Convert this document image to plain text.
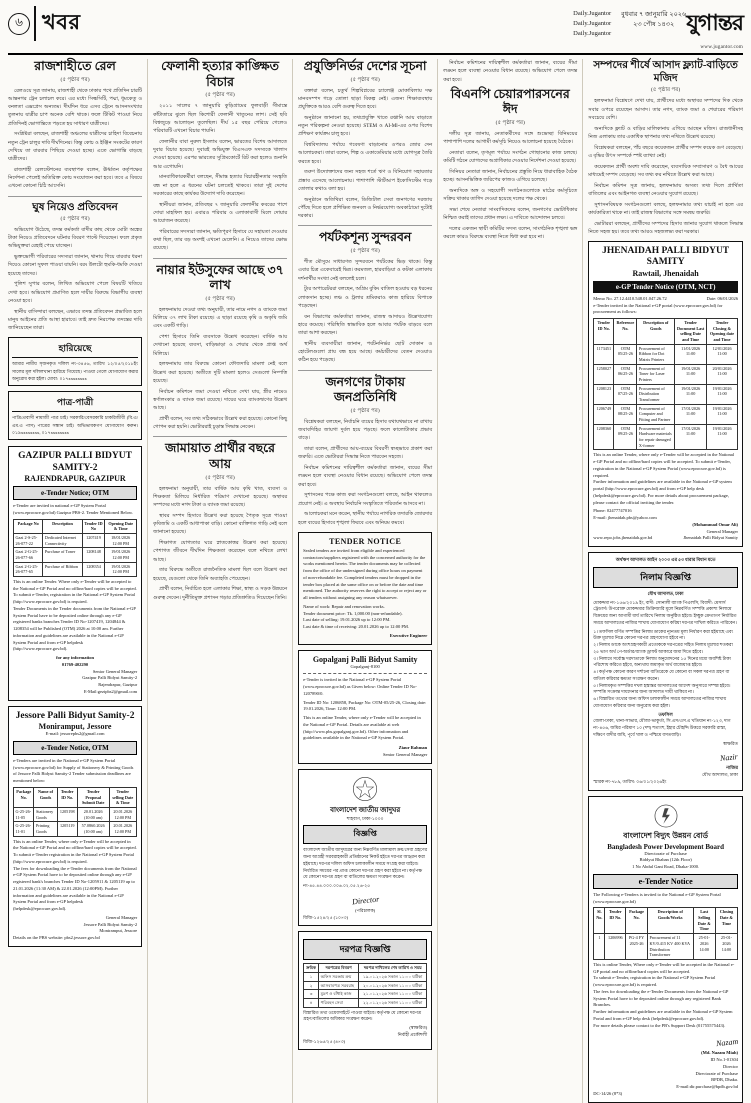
৬ খবর	Daily.Jugantor
Daily.Jugantor
Daily.Jugantor
বুধবার ৭ জানুয়ারি ২০২৬
২৩ পৌষ ১৪৩২ যুগান্তর
www.jugantor.com
রাজশাহীতে রেল
(৫ পৃষ্ঠার পর)

রেলওয়ে সূত্র জানায়, রাজশাহী থেকে ঢাকার পথে প্রতিদিন চারটি আন্তনগর ট্রেন চলাচল করে। এর মধ্যে সিল্কসিটি, পদ্মা, ধূমকেতু ও বনলতা এক্সপ্রেস অন্যতম। দীর্ঘদিন ধরে এসব ট্রেনে আসনসংখ্যার তুলনায় যাত্রীর চাপ অনেক বেশি থাকে। ফলে টিকিট পাওয়া নিয়ে প্রতিদিনই ভোগান্তিতে পড়তে হয় সাধারণ যাত্রীদের।

সংশ্লিষ্টরা বলছেন, রাজশাহী অঞ্চলের যাত্রীদের চাহিদা বিবেচনায় নতুন ট্রেন চালুর দাবি দীর্ঘদিনের। কিন্তু কোচ ও ইঞ্জিন সংকটের কারণ দেখিয়ে তা বারবার পিছিয়ে দেওয়া হচ্ছে। এতে ভোগান্তি বাড়ছে যাত্রীদের।

রাজশাহী রেলস্টেশনের ব্যবস্থাপক বলেন, ঊর্ধ্বতন কর্তৃপক্ষের নির্দেশনা পেলেই অতিরিক্ত কোচ সংযোজন করা হবে। তবে এ বিষয়ে এখনো কোনো চিঠি আসেনি।

ঘুষ নিয়েও প্রতিবেদন
(৫ পৃষ্ঠার পর)

অভিযোগ উঠেছে, তদন্ত কর্মকর্তা বাদীর কাছ থেকে মোটা অঙ্কের টাকা নিয়েও প্রতিবেদনে ঘটনার বিবরণ পাল্টে দিয়েছেন। ফলে প্রকৃত অভিযুক্তরা রেহাই পেয়ে যাচ্ছেন।

ভুক্তভোগী পরিবারের সদস্যরা জানান, থানায় গিয়ে বারবার ধরনা দিয়েও কোনো সুফল পাওয়া যায়নি। বরং উলটো হুমকি-ধমকি দেওয়া হয়েছে তাদের।

পুলিশ সুপার বলেন, লিখিত অভিযোগ পেলে বিষয়টি খতিয়ে দেখা হবে। অভিযোগ প্রমাণিত হলে দায়ীর বিরুদ্ধে বিভাগীয় ব্যবস্থা নেওয়া হবে।

স্থানীয় বাসিন্দারা বলছেন, এভাবে তদন্ত প্রতিবেদন প্রভাবিত হলে মানুষ আইনের প্রতি আস্থা হারাবে। তাই দ্রুত নিরপেক্ষ তদন্তের দাবি জানিয়েছেন তারা।

হারিয়েছে
আমার নামীয় সৃজনকৃত দলিল নং-৩৪৫৬, তারিখ ১২/০৫/২০১৮ইং সালের মূল দলিলখানা হারিয়ে গিয়েছে। পাওয়া গেলে যোগাযোগ করার অনুরোধ করা হইল। মোবা: ০১৭xxxxxxxx
পাত্র-পাত্রী
পাত্রি/প্রবাসী নামাজী পাত্র চাই। সরকারি/বেসরকারি চাকরিজীবী (বি.এ/এম.এ পাস) পাত্রের সন্ধান চাই। অভিভাবকগণ যোগাযোগ করুন। ০১৯xxxxxxxx, ০১৭xxxxxxxx
GAZIPUR PALLI BIDYUT SAMITY-2
RAJENDRAPUR, GAZIPUR
e-Tender Notice; OTM
e-Tender are invited in national e-GP System Portal (www.eprocure.gov.bd) Gazipur PBS-2. Tender Mentioned Below.
Package No	Description	Tender ID No	Opening Date & Time
Gazi 2-S-25-26-077-22	Dedicated Internet Connectivity	1207419	18/01/2026 12:00 PM
Gazi 2-G-25-26-077-66	Purchase of Toner	1208148	19/01/2026 12:00 PM
Gazi 2-G-25-26-077-65	Purchase of Ribbon	1208354	19/01/2026 12:00 PM
This is an online Tender. Where only e-Tender will be accepted to the National e-GP Portal and no offline/hard copies will be accepted. To submit e-Tender, registration in the National e-GP System Portal (http://www.eprocure.gov.bd) is required.
Tender Documents in the Tender documents from the National e-GP System Portal have to be deposited online through any e-GP registered banks branches Tender ID No-1207419, 1204844 & 1208354 will be Published (OTM) 2026 at 10:00 am. Further information and guidelines are available in the National e-GP System Portal and from e-GP helpdesk (http://www.eprocure.gov.bd).
for any information
01769-402290
Senior General Manager
Gazipur Palli Bidyut Samity-2
Rajendrapur, Gazipur
E-Mail:gezipbs2@gmail.com
Jessore Palli Bidyut Samity-2
Moniramput, Jessore
E-mail: jessorepbs2@gmail.com
e-Tender Notice, OTM
e-Tenders are invited in the National e-GP System Portal (www.eprocure.gov.bd) for Supply of Stationery & Printing Goods of Jessore Palli Bidyut Samity-2 Tender submission deadlines are mentioned below:
Package No.	Name of Goods	Tender ID No.	Tender Proposal Submit Date	Tender selling Date & Time
G-25-26-11-05	Stationery Goods	1205198	20.01.2026 (10:00 am)	20.01.2026 12:00 PM
G-25-26-11-01	Printing Goods	1205119	57.0860.2026 (10:00 am)	20.01.2026 12:00 PM
This is an online Tender, where only e-Tender will be accepted in the National e-GP Portal and no offline/hard copies will be accepted. To submit e-Tender registration in the National e-GP System Portal (http://www.eprocure.gov.bd) is required.
The fees for downloading the e-Tender documents from the National e-GP System Portal have to be deposited online through any e-GP registered bank's branches Tender ID No-1205911 & 1205119 up to 21.01.2026 (11:30 AM) & 22.01.2026 (12:00PM). Further information and guidelines are available in the National e-GP System Portal and from e-GP helpdesk (helpdesk@eprocure.gov.bd).
General Manager
Jessore Palli Bidyut Samity-2
Moniramput, Jessore
Details on the PBS website: pbs2.jessore.gov.bd
ফেলানী হত্যার কাঙ্ক্ষিত বিচার
(৫ পৃষ্ঠার পর)

২০১১ সালের ৭ জানুয়ারি কুড়িগ্রামের ফুলবাড়ী সীমান্তে কাঁটাতারে ঝুলে ছিল কিশোরী ফেলানী খাতুনের লাশ। সেই ছবি বিশ্বজুড়ে আলোড়ন তুলেছিল। দীর্ঘ ১৫ বছর পেরিয়ে গেলেও পরিবারটি এখনো বিচার পায়নি।

ফেলানীর বাবা নুরুল ইসলাম বলেন, ভারতের বিশেষ আদালতে দুবার বিচার হয়েছে। দুবারই অভিযুক্ত বিএসএফ সদস্যকে খালাস দেওয়া হয়েছে। এরপর ভারতের সুপ্রিমকোর্টে রিট করা হলেও শুনানি আর এগোয়নি।

মানবাধিকারকর্মীরা বলছেন, সীমান্ত হত্যার বিচারহীনতার সংস্কৃতি বন্ধ না হলে এ ধরনের ঘটনা চলতেই থাকবে। তারা দুই দেশের সরকারের কাছে কার্যকর উদ্যোগ দাবি করেছেন।

স্থানীয়রা জানান, প্রতিবছর ৭ জানুয়ারি ফেলানীর কবরের পাশে দোয়া মাহফিল হয়। এবারও পরিবার ও এলাকাবাসী মিলে দোয়ার আয়োজন করেছে।

পরিবারের সদস্যরা জানান, ক্ষতিপূরণ হিসাবে যে সহায়তা দেওয়ার কথা ছিল, তার বড় অংশই এখনো মেলেনি। এ নিয়েও তাদের ক্ষোভ রয়েছে।

নায়ার ইউসুফের আছে ৩৭ লাখ
(৫ পৃষ্ঠার পর)

হলফনামায় দেওয়া তথ্য অনুযায়ী, তার নামে নগদ ও ব্যাংকে জমা মিলিয়ে ৩৭ লাখ টাকা রয়েছে। এ ছাড়া রয়েছে কৃষি ও অকৃষি জমি এবং একটি গাড়ি।

পেশা হিসাবে তিনি ব্যবসাকে উল্লেখ করেছেন। বার্ষিক আয় দেখানো হয়েছে ব্যবসা, বাড়িভাড়া ও শেয়ার থেকে প্রাপ্ত অর্থ মিলিয়ে।

হলফনামায় তার বিরুদ্ধে কোনো ফৌজদারি মামলা নেই বলে উল্লেখ করা হয়েছে। অতীতে দুটি মামলা হলেও সেগুলো নিষ্পত্তি হয়েছে।

নির্বাচন কমিশনে জমা দেওয়া নথিতে দেখা যায়, স্ত্রীর নামেও স্বর্ণালংকার ও ব্যাংক জমা রয়েছে। দায়ের ঘরে ব্যাংকঋণের উল্লেখ আছে।

প্রার্থী বলেন, সব তথ্য সঠিকভাবে উল্লেখ করা হয়েছে। কোনো কিছু গোপন করা হয়নি। ভোটাররাই চূড়ান্ত সিদ্ধান্ত নেবেন।

জামায়াত প্রার্থীর বছরে আয়
(৫ পৃষ্ঠার পর)

হলফনামা অনুযায়ী, তার বার্ষিক আয় কৃষি খাত, ব্যবসা ও শিক্ষকতা মিলিয়ে নির্ধারিত পরিমাণ দেখানো হয়েছে। অস্থাবর সম্পদের মধ্যে নগদ টাকা ও ব্যাংক জমা রয়েছে।

স্থাবর সম্পদ হিসাবে উল্লেখ করা হয়েছে পৈতৃক সূত্রে পাওয়া কৃষিজমি ও একটি আধাপাকা বাড়ি। কোনো ব্যক্তিগত গাড়ি নেই বলে জানানো হয়েছে।

শিক্ষাগত যোগ্যতার ঘরে স্নাতকোত্তর উল্লেখ করা হয়েছে। পেশাগত জীবনে দীর্ঘদিন শিক্ষকতা করেছেন বলে নথিতে লেখা আছে।

তার বিরুদ্ধে অতীতে রাজনৈতিক মামলা ছিল বলে উল্লেখ করা হয়েছে, যেগুলো থেকে তিনি অব্যাহতি পেয়েছেন।

প্রার্থী বলেন, নির্বাচিত হলে এলাকার শিক্ষা, স্বাস্থ্য ও সড়ক উন্নয়নে গুরুত্ব দেবেন। দুর্নীতিমুক্ত প্রশাসন গড়ার প্রতিশ্রুতিও দিয়েছেন তিনি।

প্রযুক্তিনির্ভর দেশের সূচনা
(৫ পৃষ্ঠার পর)

বক্তারা বলেন, চতুর্থ শিল্পবিপ্লবের চ্যালেঞ্জ মোকাবিলায় দক্ষ মানবসম্পদ গড়ে তোলা ছাড়া বিকল্প নেই। এজন্য শিক্ষাব্যবস্থায় প্রযুক্তিকে আরও বেশি গুরুত্ব দিতে হবে।

অনুষ্ঠানে জানানো হয়, তথ্যপ্রযুক্তি খাতে রপ্তানি আয় বাড়াতে নতুন পরিকল্পনা নেওয়া হয়েছে। STEM ও AI-Ml-এর ওপর বিশেষ প্রশিক্ষণ কার্যক্রম চালু হবে।

বিশ্ববিদ্যালয় পর্যায়ে গবেষণা বাড়ানোর ওপরও জোর দেন আলোচকরা। তারা বলেন, শিল্প ও একাডেমিয়ার মধ্যে যোগসূত্র তৈরি করতে হবে।

তরুণ উদ্যোক্তাদের জন্য সহজ শর্তে ঋণ ও বিনিয়োগ সহায়তার প্রস্তাব এসেছে আলোচনায়। পাশাপাশি স্টার্টআপ ইকোসিস্টেম গড়ে তোলার কথাও বলা হয়।

অনুষ্ঠানে অতিথিরা বলেন, ডিজিটাল সেবা জনগণের দরজায় পৌঁছে দিতে হলে প্রশিক্ষিত জনবল ও নির্ভরযোগ্য অবকাঠামো দুটোই দরকার।

পর্যটকশূন্য সুন্দরবন
(৫ পৃষ্ঠার পর)

শীত মৌসুমে সাধারণত সুন্দরবনে পর্যটকের ভিড় থাকে। কিন্তু এবার চিত্র একেবারেই ভিন্ন। করমজল, হারবাড়িয়া ও কটকা এলাকায় দর্শনার্থীর সংখ্যা নেই বললেই চলে।

ট্যুর অপারেটররা বলছেন, অগ্রিম বুকিং বাতিল হওয়ায় বড় ধরনের লোকসান হচ্ছে। লঞ্চ ও ট্রলার শ্রমিকরাও কাজ হারিয়ে বিপাকে পড়েছেন।

বন বিভাগের কর্মকর্তারা জানান, রাজস্ব আদায়ও উল্লেখযোগ্য হারে কমেছে। পরিস্থিতি স্বাভাবিক হলে আবার পর্যটক বাড়বে বলে তারা আশা করছেন।

স্থানীয় ব্যবসায়ীরা জানান, পর্যটননির্ভর ছোট দোকান ও হোটেলগুলো প্রায় বন্ধ হয়ে আছে। কর্মচারীদের বেতন দেওয়াও কঠিন হয়ে পড়েছে।

জনগণের টাকায় জনপ্রতিনিধি
(৫ পৃষ্ঠার পর)

বিশ্লেষকরা বলছেন, নির্বাচনি ব্যয়ের হিসাব যথাযথভাবে না রাখায় জবাবদিহির জায়গা দুর্বল হয়ে পড়ছে। ফলে কালোটাকার প্রভাব বাড়ে।

তারা বলেন, প্রার্থীদের আয়-ব্যয়ের বিবরণী স্বচ্ছভাবে প্রকাশ করা জরুরি। এতে ভোটাররা সিদ্ধান্ত নিতে পারবেন সহজে।

নির্বাচন কমিশনের দায়িত্বশীল কর্মকর্তারা জানান, ব্যয়ের সীমা লঙ্ঘন হলে ব্যবস্থা নেওয়ার বিধান রয়েছে। অভিযোগ পেলে তদন্ত করা হবে।

সুশাসনের পক্ষে কাজ করা সংগঠনগুলো বলছে, আইন থাকলেও প্রয়োগ নেই। এ অবস্থায় নির্বাচনি সংস্কৃতিতে পরিবর্তন আসবে না।

আলোচকরা মনে করেন, স্থানীয় পর্যায়ে নাগরিক তদারকি জোরদার হলে ব্যয়ের হিসাবে শৃঙ্খলা ফিরবে এবং অনিয়ম কমবে।

TENDER NOTICE
Sealed tenders are invited from eligible and experienced contractors/suppliers registered with the concerned authority for the works mentioned herein. The tender documents may be collected from the office of the undersigned during office hours on payment of non-refundable fee. Completed tenders must be dropped in the tender box placed at the same office on or before the date and time mentioned. The authority reserves the right to accept or reject any or all tenders without assigning any reason whatsoever.
Name of work: Repair and renovation works.
Tender document price: Tk. 1,000.00 (non-refundable).
Last date of selling: 19.01.2026 up to 12:00 PM.
Last date & time of receiving: 20.01.2026 up to 12:00 PM.
Executive Engineer
Gopalganj Palli Bidyut Samity
Gopalganj-8100
e-Tender is invited in the National e-GP System Portal (www.eprocure.gov.bd) as Given below: Online Tender ID No-1207890/0.
Tender ID No: 1206858, Package No: OTM-05/25-26, Closing date: 19.01.2026, Time: 12:00 PM.
This is an online Tender, where only e-Tender will be accepted in the National e-GP Portal. Details are available at web (http://www.pbs.gopalganj.gov.bd). Other information and guidelines available in the National e-GP System Portal.
Ziaur Rahman
Senior General Manager
বাংলাদেশ জাতীয় জাদুঘর
শাহবাগ, ঢাকা-১০০০
বিজ্ঞপ্তি
বাংলাদেশ জাতীয় জাদুঘরের জন্য নিম্নবর্ণিত মালামাল ক্রয়/সেবা গ্রহণের জন্য আগ্রহী সরবরাহকারী প্রতিষ্ঠানের নিকট হইতে দরপত্র আহ্বান করা হইয়াছে। দরপত্র দলিল অফিস চলাকালীন সময়ে সংগ্রহ করা যাইবে। নির্ধারিত সময়ের পর প্রাপ্ত কোনো দরপত্র গ্রহণ করা হইবে না। কর্তৃপক্ষ যে কোনো দরপত্র গ্রহণ বা বাতিলের ক্ষমতা সংরক্ষণ করেন।
নং-৪৫.৪৪.০০০.০০৬.০২.০৫.২৬-২৫
Director
(পরিচালক)
বিজি-১৫২৪/২৫ (১০×৩)
দরপত্র বিজ্ঞপ্তি
ক্রমিক	দরপত্রের বিবরণ	দরপত্র দাখিলের শেষ তারিখ ও সময়
১	অফিস সরঞ্জাম ক্রয়	১৯.০১.২০২৬ সকাল ১১:০০ ঘটিকা
২	আসবাবপত্র সরবরাহ	২০.০১.২০২৬ সকাল ১১:০০ ঘটিকা
৩	মুদ্রণ ও বাঁধাই কাজ	২১.০১.২০২৬ সকাল ১১:০০ ঘটিকা
৪	পরিবহন সেবা	২২.০১.২০২৬ সকাল ১১:০০ ঘটিকা
বিস্তারিত তথ্য ওয়েবসাইটে পাওয়া যাইবে। কর্তৃপক্ষ যে কোনো দরপত্র গ্রহণ/বাতিলের অধিকার সংরক্ষণ করেন।
(স্বাক্ষরিত)
নির্বাহী প্রকৌশলী
বিজি-১২৬৫/২৫ (৪×৩)

নির্বাচন কমিশনের দায়িত্বশীল কর্মকর্তারা জানান, ব্যয়ের সীমা লঙ্ঘন হলে ব্যবস্থা নেওয়ার বিধান রয়েছে। অভিযোগ পেলে তদন্ত করা হবে।

বিএনপি চেয়ারপারসনের ঈদ
(৫ পৃষ্ঠার পর)

দলীয় সূত্র জানায়, নেতাকর্মীদের সঙ্গে শুভেচ্ছা বিনিময়ের পাশাপাশি দলের আগামী কর্মসূচি নিয়েও আলোচনা হয়েছে বৈঠকে।

নেতারা বলেন, তৃণমূল পর্যায়ে সংগঠন গোছানোর কাজ চলছে। কমিটি গঠনে যোগ্যদের অগ্রাধিকার দেওয়ার নির্দেশনা দেওয়া হয়েছে।

সিনিয়র নেতারা জানান, নির্বাচনের প্রস্তুতি নিয়ে ধারাবাহিক বৈঠক হচ্ছে। আসনভিত্তিক জরিপের কাজও এগিয়ে চলেছে।

অন্যদিকে অঙ্গ ও সহযোগী সংগঠনগুলোকে মাঠের কর্মসূচিতে সক্রিয় থাকার তাগিদ দেওয়া হয়েছে দলের পক্ষ থেকে।

সভা শেষে নেতারা সাংবাদিকদের বলেন, জনগণের ভোটাধিকার নিশ্চিত করাই তাদের প্রধান লক্ষ্য। এ দাবিতে আন্দোলন চলবে।

দলের একজন স্থায়ী কমিটির সদস্য বলেন, সাংগঠনিক শৃঙ্খলা ভঙ্গ করলে কারও বিরুদ্ধে ব্যবস্থা নিতে দ্বিধা করা হবে না।

সম্পদের শীর্ষে আসাদ ফ্ল্যাট-বাড়িতে মজিদ
(৫ পৃষ্ঠার পর)

হলফনামা বিশ্লেষণে দেখা যায়, প্রার্থীদের মধ্যে অস্থাবর সম্পদের দিক থেকে সবার ওপরে রয়েছেন আসাদ। তার নগদ, ব্যাংক জমা ও শেয়ারের পরিমাণ সবচেয়ে বেশি।

অন্যদিকে ফ্ল্যাট ও বাড়ির মালিকানায় এগিয়ে আছেন মজিদ। রাজধানীসহ নিজ এলাকায় তার একাধিক স্থাপনার তথ্য নথিতে উল্লেখ রয়েছে।

বিশ্লেষকরা বলছেন, পাঁচ বছরে কয়েকজন প্রার্থীর সম্পদ কয়েক গুণ বেড়েছে। এ বৃদ্ধির উৎস সম্পর্কে স্পষ্ট ব্যাখ্যা নেই।

কয়েকজন প্রার্থী অবশ্য দাবি করেছেন, ব্যবসায়িক সম্প্রসারণ ও বৈধ আয়ের মাধ্যমেই সম্পদ বেড়েছে। সব তথ্য কর নথিতে উল্লেখ করা আছে।

নির্বাচন কমিশন সূত্র জানায়, হলফনামায় অসত্য তথ্য দিলে প্রার্থিতা বাতিলের এবং আইনগত ব্যবস্থা নেওয়ার সুযোগ রয়েছে।

সুশাসনবিষয়ক সংগঠনগুলো বলছে, হলফনামার তথ্য যাচাই না হলে এর কার্যকারিতা থাকে না। তাই রাজস্ব বিভাগের সঙ্গে সমন্বয় জরুরি।

ভোটাররা বলছেন, প্রার্থীদের সম্পদের হিসাব জানার সুযোগ থাকলে সিদ্ধান্ত নিতে সহজ হয়। তবে তথ্য আরও সহজলভ্য করা দরকার।

JHENAIDAH PALLI BIDYUT SAMITY
Rawtail, Jhenaidah
e-GP Tender Notice (OTM, NCT)
Memo No. 27.12.4410.548.01.047.26.72	Date: 06/01/2026
e-Tender invited in the National e-GP portal (www.eprocure.gov.bd) for procurement as follows:
Tender ID No.	Reference No.	Description of Goods	Tender Document Last selling Date and Time	Tender Closing & Opening date and Time
1173451	OTM 05/25-26	Procurement of Ribbon for Dot Matrix Printers	11/01/2026 11:00	12/01/2026 11:00
1258027	OTM 06/25-26	Procurement of Toner for Laser Printers	19/01/2026 11:00	20/01/2026 11:00
1208123	OTM 07/25-26	Procurement of Distribution Transformer	19/01/2026 11:00	19/01/2026 11:00
1206749	OTM 08/25-26	Procurement of Computer and Fitting and Partner	17/01/2026 11:00	19/01/2026 11:00
1208360	OTM 09/25-26	Procurement of Hardware materials for repair damaged X-former	17/01/2026 11:00	19/01/2026 11:00
This is an online Tender, where only e-Tender will be accepted in the National e-GP Portal and no offline/hard copies will be accepted. To submit e-Tender, registration in the National e-GP System Portal (www.eprocure.gov.bd) is required.
Further information and guidelines are available in the National e-GP system portal (http://www.eprocure.gov.bd) and from e-GP help desk (helpdesk@eprocure.gov.bd). For more details about procurement package, please contact the official inviting the tender.
Phone: 02477747016
E-mail: jhenaidah.pbs@yahoo.com
www.repo.jobs.jhenaidah.gov.bd
(Mohammad Omar Ali)
General Manager
Jhenaidah Palli Bidyut Samity
অর্থঋণ আদালত আইন ২০০৩ এর ৫৩ ধারার বিধান মতে
নিলাম বিজ্ঞপ্তি
যৌথ আদালত, ঢাকা
মোকদ্দমা নং-১৫৬/২০১৯ ইং, বাদী: সোনালী ব্যাংক পিএলসি, বিবাদী: মেসার্স ট্রেডার্স। উপরোক্ত মোকদ্দমার ডিক্রিজারি মূলে নিম্নবর্ণিত সম্পত্তি প্রকাশ্য নিলামে বিক্রয়ের জন্য আগামী ধার্য তারিখে নিলাম অনুষ্ঠিত হইবে। ইচ্ছুক ক্রেতাগণ নির্ধারিত সময়ে আদালতের নাজির শাখায় যোগাযোগ করিয়া দরপত্র দাখিল করিতে পারিবেন।
১। তফসিল বর্ণিত সম্পত্তির নিলাম ডাকের ন্যূনতম মূল্য নির্ধারণ করা হইয়াছে এবং উক্ত মূল্যের নিম্নে কোনো দরপত্র গ্রহণযোগ্য হইবে না।
২। নিলাম ডাকে অংশগ্রহণকারী প্রত্যেককে দরপত্রের সহিত নিলাম মূল্যের শতকরা ২৫ ভাগ অর্থ পে-অর্ডার/ব্যাংক ড্রাফট আকারে জমা দিতে হইবে।
৩। নিলামে সর্বোচ্চ দরদাতাকে নিলাম অনুমোদনের ১৫ দিনের মধ্যে অবশিষ্ট টাকা পরিশোধ করিতে হইবে, অন্যথায় জমাকৃত অর্থ বাজেয়াপ্ত হইবে।
৪। কর্তৃপক্ষ কোনো কারণ দর্শানো ব্যতিরেকে যে কোনো বা সকল দরপত্র গ্রহণ বা বাতিল করিবার ক্ষমতা সংরক্ষণ করেন।
৫। নিলামকৃত সম্পত্তির দখল হস্তান্তর আদালতের আদেশ অনুসারে সম্পন্ন হইবে। সম্পত্তি সংক্রান্ত দায়দেনার জন্য আদালত দায়ী থাকিবে না।
৬। বিস্তারিত তথ্যের জন্য অফিস চলাকালীন সময়ে আদালতের নাজির শাখায় যোগাযোগ করিবার জন্য অনুরোধ করা হইল।
তফসিল
জেলা-ঢাকা, থানা-সাভার, মৌজা-ভাকুর্তা, সি.এস/এস.এ খতিয়ান নং-১২৩, দাগ নং-৪৫৬, জমির পরিমাণ ১০ (দশ) শতাংশ, ইহার চৌহদ্দি উত্তরে সরকারি রাস্তা, দক্ষিণে বাদীর জমি, পূর্বে খাল ও পশ্চিমে বসতবাড়ি।
স্বাক্ষরিত
Nazir
নাজির
যৌথ আদালত, ঢাকা
স্মারক নং-৭৮৯, তারিখ: ০৬/০১/২০২৬ইং
বাংলাদেশ বিদ্যুৎ উন্নয়ন বোর্ড
Bangladesh Power Development Board
Directorate of Purchase
Biddyut Bhaban (12th Floor)
1 No Abdul Gani Road, Dhaka-1000.
e-Tender Notice
The Following e-Tenders is invited to the National e-GP System Portal (www.eprocure.gov.bd)
Sl. No.	Tender ID No.	Package No.	Description of Goods/Works	Last Selling Date & Time	Closing Date & Time
1	1206996	PG-4 FY 2025-26	Procurement of 11 KV/0.415 KV 400 KVA Distribution Transformer	25-01-2026 14:00	25-01-2026 14:00
This is online Tender, Where only e-Tender will be accepted in the National e-GP portal and no offline/hard copies will be accepted.
To submit e-Tender, registration in the National e-GP System Portal (www.eprocure.gov.bd) is required.
The fees for downloading the e-Tender Documents from the National e-GP System Portal have to be deposited online through any registered Bank Branches.
Further information and guidelines are available in the National e-GP System Portal and from e-GP help desk (helpdesk@eprocure.gov.bd).
For more details please contact to the PB's Support Desk (01755575443).
Nazam
(Md. Nazam Miah)
ID No.1-01304
Director
Directorate of Purchase
BPDB, Dhaka.
E-mail:dir.purchase@bpdb.gov.bd
DC-14/26 (8*3)
